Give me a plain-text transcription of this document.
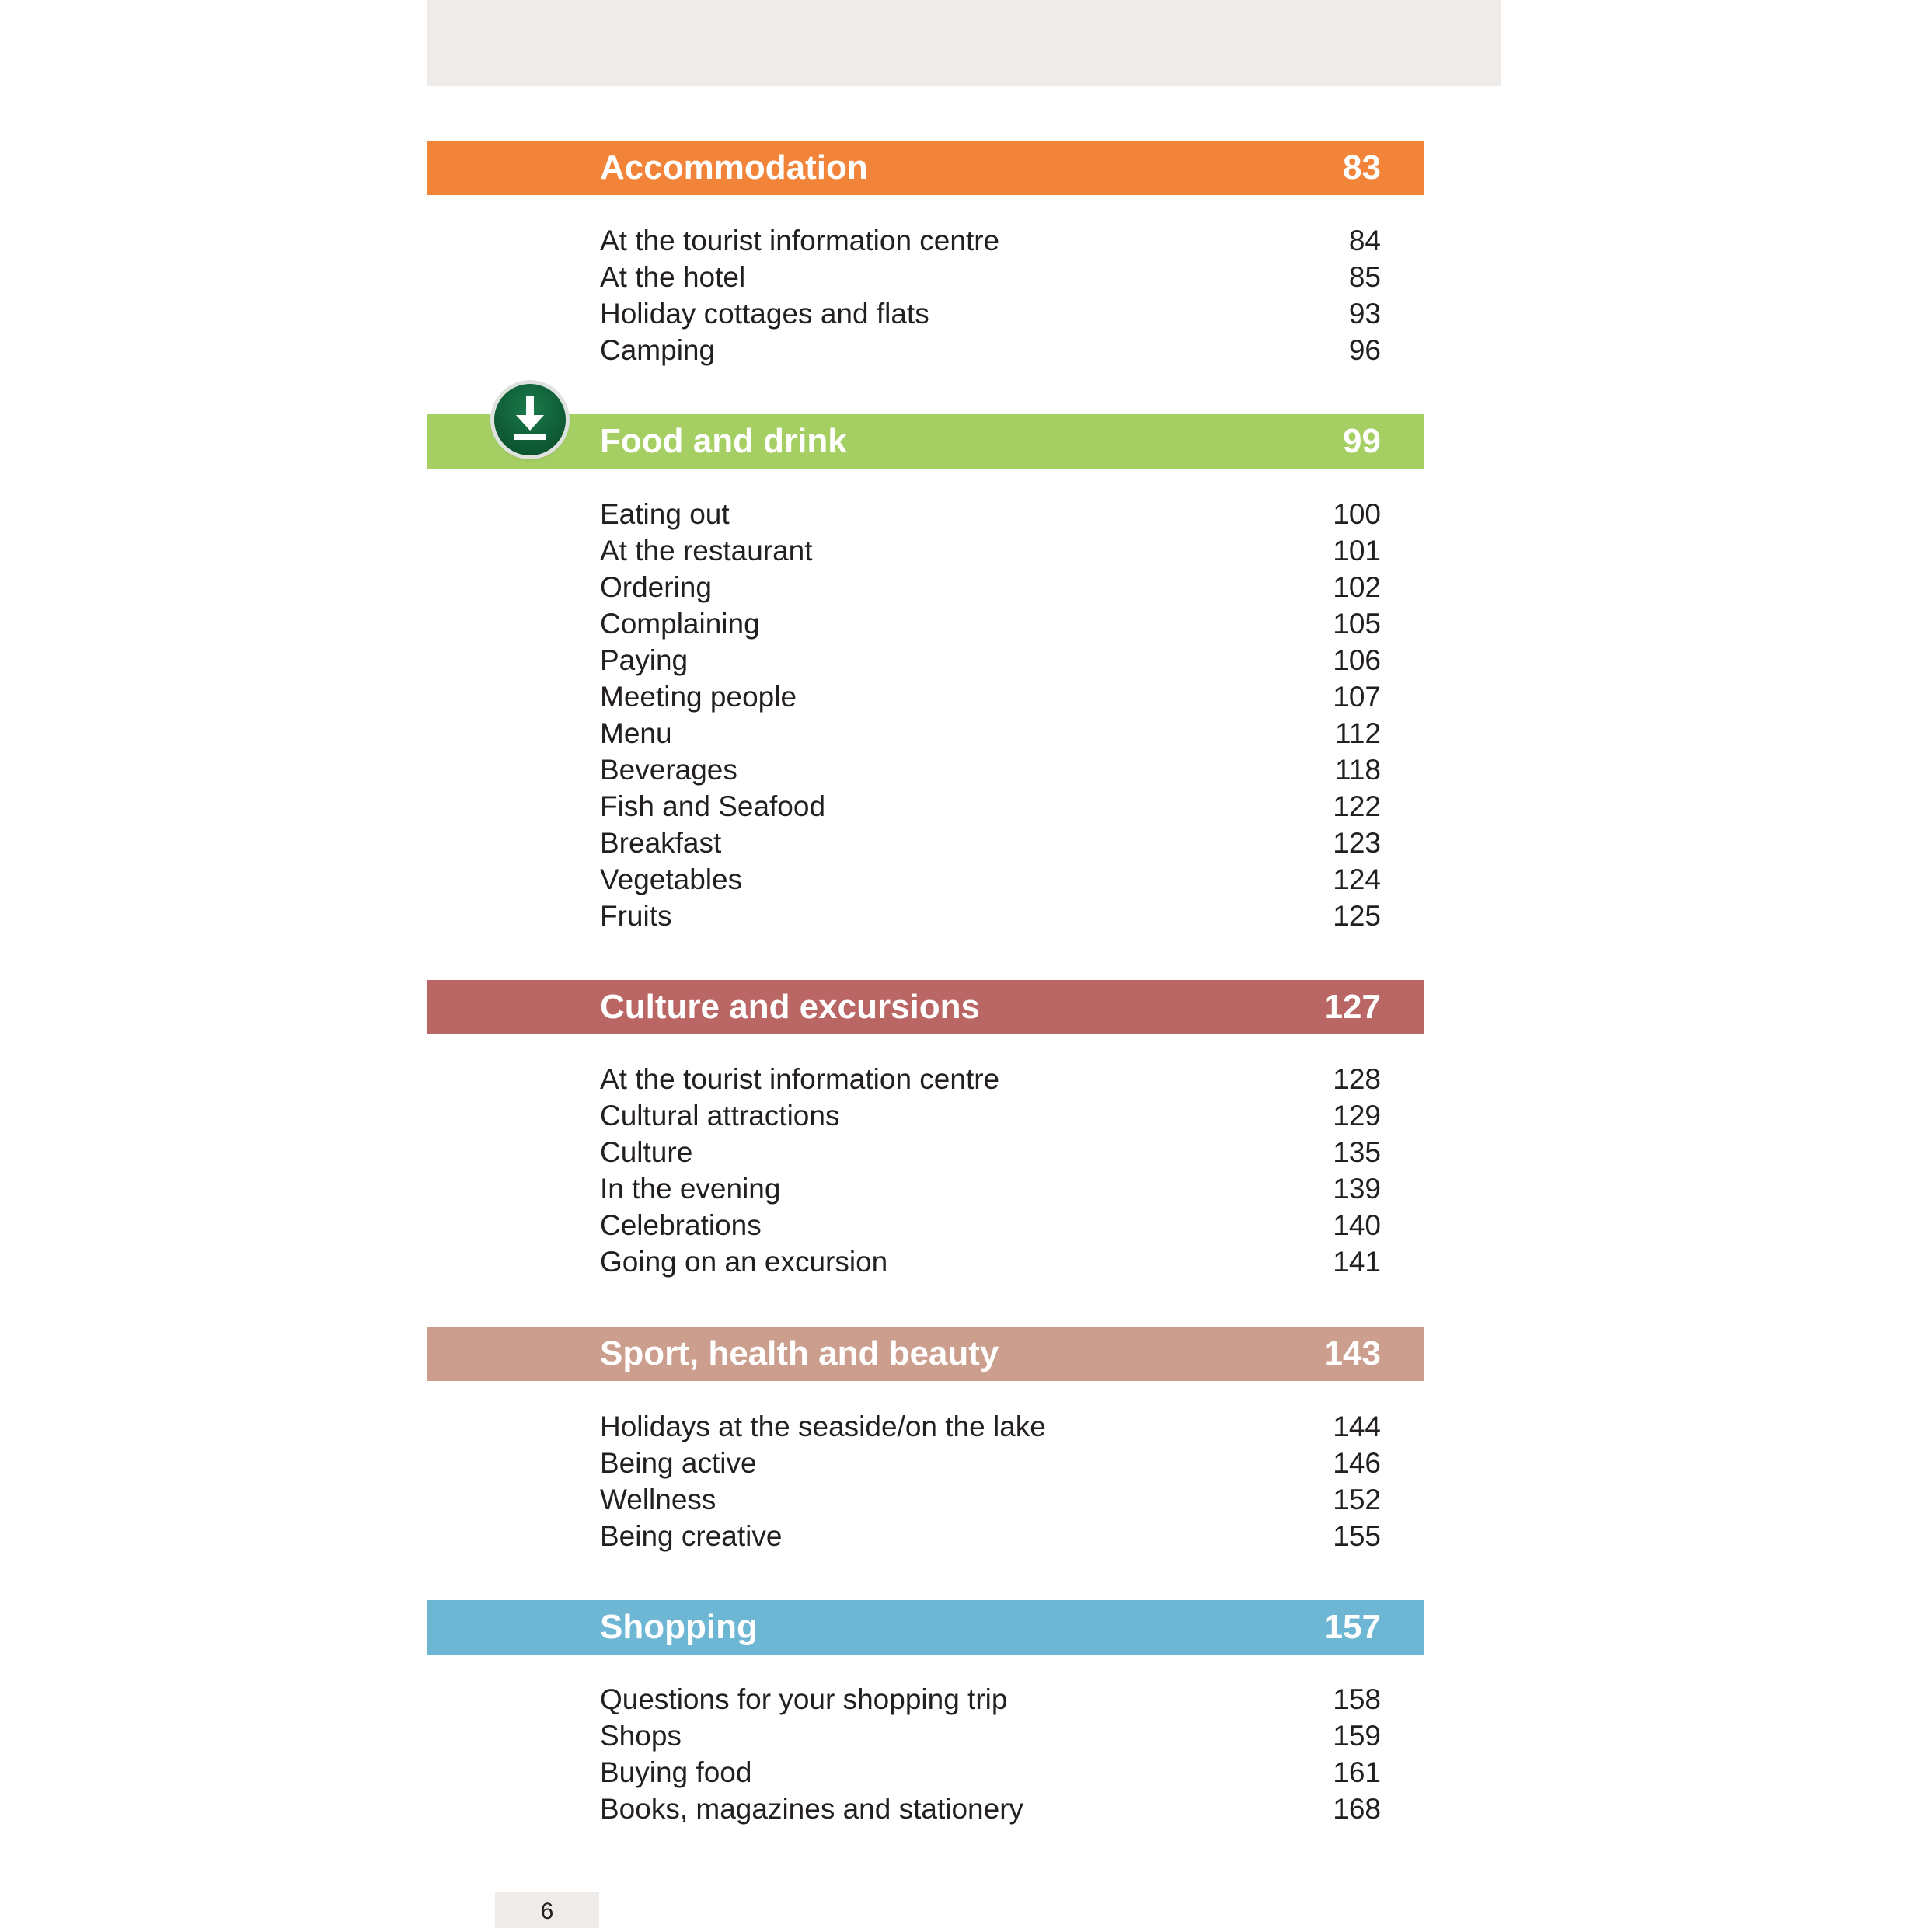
Accommodation	83
At the tourist information centre	84
At the hotel	85
Holiday cottages and flats	93
Camping	96
Food and drink	99
Eating out	100
At the restaurant	101
Ordering	102
Complaining	105
Paying	106
Meeting people	107
Menu	112
Beverages	118
Fish and Seafood	122
Breakfast	123
Vegetables	124
Fruits	125
Culture and excursions	127
At the tourist information centre	128
Cultural attractions	129
Culture	135
In the evening	139
Celebrations	140
Going on an excursion	141
Sport, health and beauty	143
Holidays at the seaside/on the lake	144
Being active	146
Wellness	152
Being creative	155
Shopping	157
Questions for your shopping trip	158
Shops	159
Buying food	161
Books, magazines and stationery	168
6
